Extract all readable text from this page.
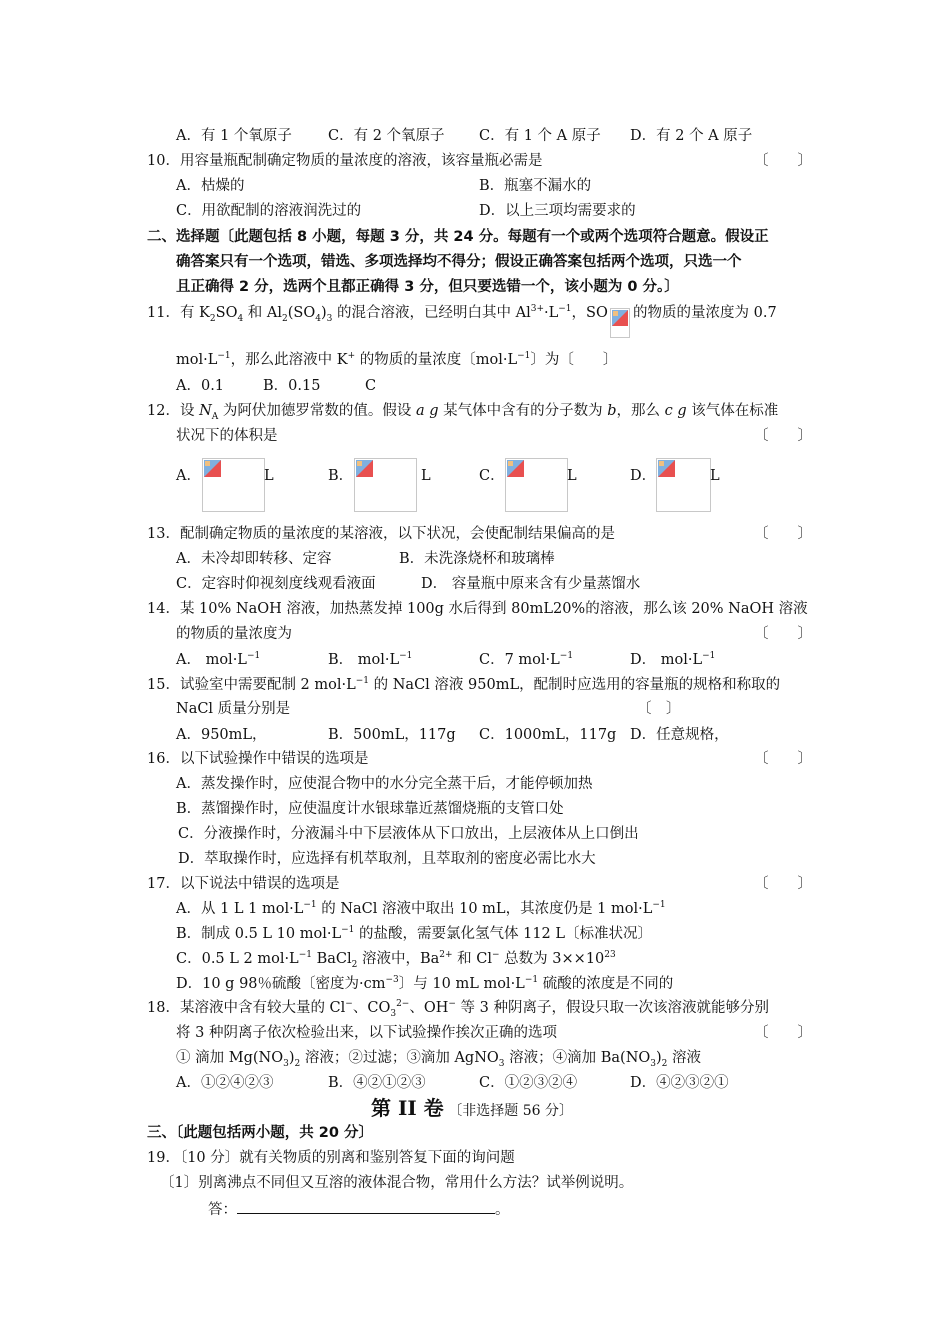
A．有 1 个氧原子 C．有 2 个氧原子 C．有 1 个 A 原子 D．有 2 个 A 原子
10．用容量瓶配制确定物质的量浓度的溶液，该容量瓶必需是	〔　　〕
A．枯燥的	B．瓶塞不漏水的
C．用欲配制的溶液润洗过的	D．以上三项均需要求的
二、选择题〔此题包括 8 小题，每题 3 分，共 24 分。每题有一个或两个选项符合题意。假设正
确答案只有一个选项，错选、多项选择均不得分；假设正确答案包括两个选项，只选一个
且正确得 2 分，选两个且都正确得 3 分，但只要选错一个，该小题为 0 分。〕
11．有 $K_2SO_4$ 和 $Al_2(SO_4)_3$ 的混合溶液，已经明白其中 $Al^{3+}\cdot L^{-1}$，SO 的物质的量浓度为 0.7
$mol\cdot L^{-1}$，那么此溶液中 K+ 的物质的量浓度〔$mol\cdot L^{-1}$〕为〔　　〕
A．0.1	B．0.15	C
12．设 $N_A$ 为阿伏加德罗常数的值。假设 a g 某气体中含有的分子数为 b，那么 c g 该气体在标准
状况下的体积是	〔　　〕
A．	L	B．	L	C．	L	D．	L
13．配制确定物质的量浓度的某溶液，以下状况，会使配制结果偏高的是	〔　　〕
A．未冷却即转移、定容	B．未洗涤烧杯和玻璃棒
C．定容时仰视刻度线观看液面	D． 容量瓶中原来含有少量蒸馏水
14．某 10% NaOH 溶液，加热蒸发掉 100g 水后得到 80mL20%的溶液，那么该 20% NaOH 溶液
的物质的量浓度为	〔　　〕
A． $mol\cdot L^{-1}$	B． $mol\cdot L^{-1}$	C．7 $mol\cdot L^{-1}$	D． $mol\cdot L^{-1}$
15．试验室中需要配制 2 $mol\cdot L^{-1}$ 的 NaCl 溶液 950mL，配制时应选用的容量瓶的规格和称取的
NaCl 质量分别是	〔　〕
A．950mL，	B．500mL，117g C．1000mL，117g D．任意规格，
16．以下试验操作中错误的选项是	〔　　〕
A．蒸发操作时，应使混合物中的水分完全蒸干后，才能停顿加热
B．蒸馏操作时，应使温度计水银球靠近蒸馏烧瓶的支管口处
C．分液操作时，分液漏斗中下层液体从下口放出，上层液体从上口倒出
D．萃取操作时，应选择有机萃取剂，且萃取剂的密度必需比水大
17．以下说法中错误的选项是	〔　　〕
A．从 1 L 1 $mol\cdot L^{-1}$ 的 NaCl 溶液中取出 10 mL，其浓度仍是 1 $mol\cdot L^{-1}$
B．制成 0.5 L 10 $mol\cdot L^{-1}$ 的盐酸，需要氯化氢气体 112 L〔标准状况〕
C．0.5 L 2 $mol\cdot L^{-1}$ BaCl$_2$ 溶液中，$Ba^{2+}$ 和 Cl− 总数为 $3\times\times 10^{23}$
D．10 g 98％硫酸〔密度为$\cdot cm^{-3}$〕与 10 mL $mol\cdot L^{-1}$ 硫酸的浓度是不同的
18．某溶液中含有较大量的 Cl−、$CO_3^{2-}$、OH− 等 3 种阴离子，假设只取一次该溶液就能够分别
将 3 种阴离子依次检验出来，以下试验操作挨次正确的选项	〔　　〕
① 滴加 $Mg(NO_3)_2$ 溶液；②过滤；③滴加 AgNO$_3$ 溶液；④滴加 $Ba(NO_3)_2$ 溶液
A．①②④②③	B．④②①②③	C．①②③②④	D．④②③②①
第 II 卷 〔非选择题 56 分〕
三、〔此题包括两小题，共 20 分〕
19．〔10 分〕就有关物质的别离和鉴别答复下面的询问题
〔1〕别离沸点不同但又互溶的液体混合物，常用什么方法？试举例说明。
答：	。
